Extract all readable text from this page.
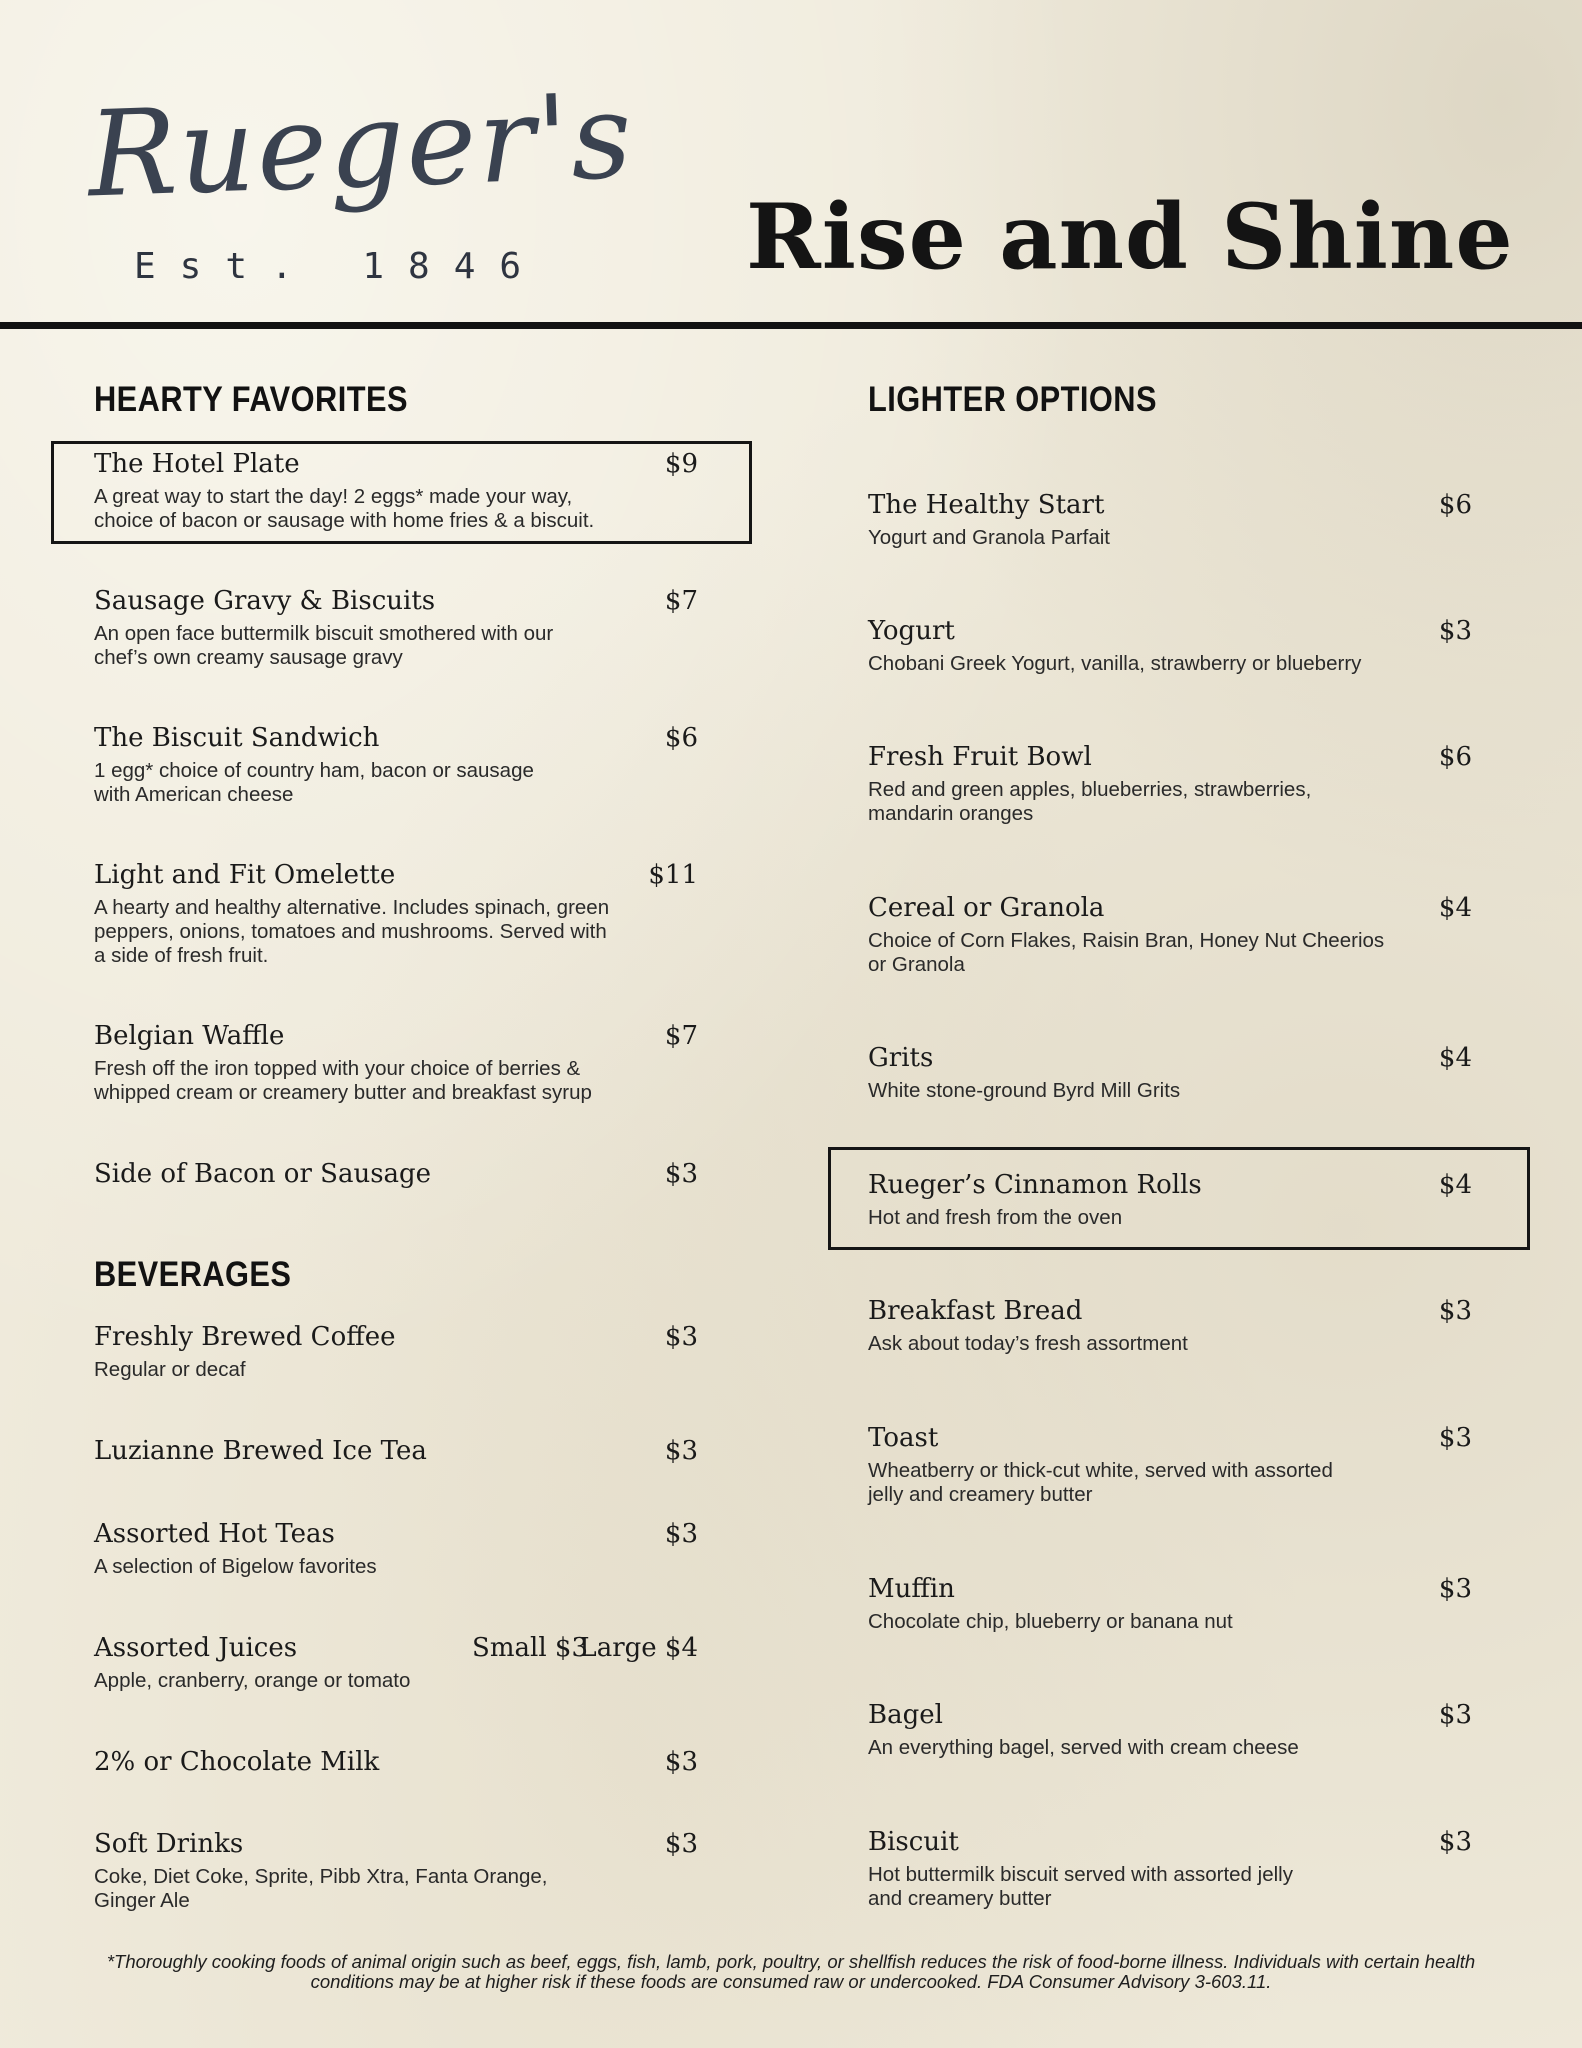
Rueger's
Est. 1846 Rise and Shine
HEARTY FAVORITES
The Hotel Plate	$9
A great way to start the day! 2 eggs* made your way,
choice of bacon or sausage with home fries & a biscuit.
Sausage Gravy & Biscuits	$7
An open face buttermilk biscuit smothered with our
chef’s own creamy sausage gravy
The Biscuit Sandwich	$6
1 egg* choice of country ham, bacon or sausage
with American cheese
Light and Fit Omelette	$11
A hearty and healthy alternative. Includes spinach, green
peppers, onions, tomatoes and mushrooms. Served with
a side of fresh fruit.
Belgian Waffle	$7
Fresh off the iron topped with your choice of berries &
whipped cream or creamery butter and breakfast syrup
Side of Bacon or Sausage	$3
BEVERAGES
Freshly Brewed Coffee	$3
Regular or decaf
Luzianne Brewed Ice Tea	$3
Assorted Hot Teas	$3
A selection of Bigelow favorites
Assorted Juices	Small $3
Large $4
Apple, cranberry, orange or tomato
2% or Chocolate Milk	$3
Soft Drinks	$3
Coke, Diet Coke, Sprite, Pibb Xtra, Fanta Orange,
Ginger Ale
LIGHTER OPTIONS
The Healthy Start	$6
Yogurt and Granola Parfait
Yogurt	$3
Chobani Greek Yogurt, vanilla, strawberry or blueberry
Fresh Fruit Bowl	$6
Red and green apples, blueberries, strawberries,
mandarin oranges
Cereal or Granola	$4
Choice of Corn Flakes, Raisin Bran, Honey Nut Cheerios
or Granola
Grits	$4
White stone-ground Byrd Mill Grits
Rueger’s Cinnamon Rolls	$4
Hot and fresh from the oven
Breakfast Bread	$3
Ask about today’s fresh assortment
Toast	$3
Wheatberry or thick-cut white, served with assorted
jelly and creamery butter
Muffin	$3
Chocolate chip, blueberry or banana nut
Bagel	$3
An everything bagel, served with cream cheese
Biscuit	$3
Hot buttermilk biscuit served with assorted jelly
and creamery butter
*Thoroughly cooking foods of animal origin such as beef, eggs, fish, lamb, pork, poultry, or shellfish reduces the risk of food-borne illness. Individuals with certain health conditions may be at higher risk if these foods are consumed raw or undercooked. FDA Consumer Advisory 3-603.11.
